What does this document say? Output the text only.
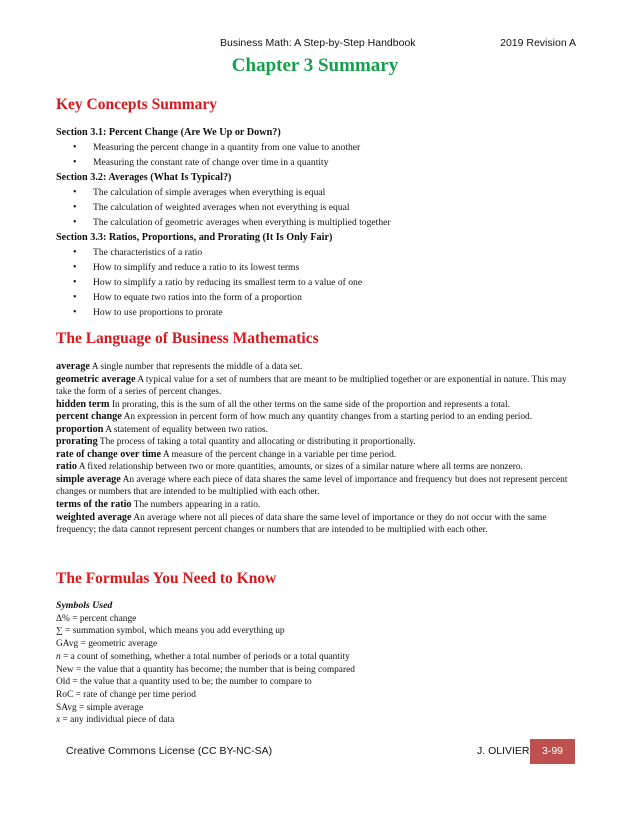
Business Math: A Step-by-Step Handbook	2019 Revision A
Chapter 3 Summary
Key Concepts Summary

Section 3.1: Percent Change (Are We Up or Down?)

• Measuring the percent change in a quantity from one value to another
• Measuring the constant rate of change over time in a quantity

Section 3.2: Averages (What Is Typical?)

• The calculation of simple averages when everything is equal
• The calculation of weighted averages when not everything is equal
• The calculation of geometric averages when everything is multiplied together

Section 3.3: Ratios, Proportions, and Prorating (It Is Only Fair)

• The characteristics of a ratio
• How to simplify and reduce a ratio to its lowest terms
• How to simplify a ratio by reducing its smallest term to a value of one
• How to equate two ratios into the form of a proportion
• How to use proportions to prorate
The Language of Business Mathematics
average A single number that represents the middle of a data set.
geometric average A typical value for a set of numbers that are meant to be multiplied together or are exponential in nature. This may take the form of a series of percent changes.
hidden term In prorating, this is the sum of all the other terms on the same side of the proportion and represents a total.
percent change An expression in percent form of how much any quantity changes from a starting period to an ending period.
proportion A statement of equality between two ratios.
prorating The process of taking a total quantity and allocating or distributing it proportionally.
rate of change over time A measure of the percent change in a variable per time period.
ratio A fixed relationship between two or more quantities, amounts, or sizes of a similar nature where all terms are nonzero.
simple average An average where each piece of data shares the same level of importance and frequency but does not represent percent changes or numbers that are intended to be multiplied with each other.
terms of the ratio The numbers appearing in a ratio.
weighted average An average where not all pieces of data share the same level of importance or they do not occur with the same frequency; the data cannot represent percent changes or numbers that are intended to be multiplied with each other.
The Formulas You Need to Know
Symbols Used
Δ% = percent change
∑ = summation symbol, which means you add everything up
GAvg = geometric average
n = a count of something, whether a total number of periods or a total quantity
New = the value that a quantity has become; the number that is being compared
Old = the value that a quantity used to be; the number to compare to
RoC = rate of change per time period
SAvg = simple average
x = any individual piece of data
Creative Commons License (CC BY-NC-SA)	J. OLIVIER	3-99
